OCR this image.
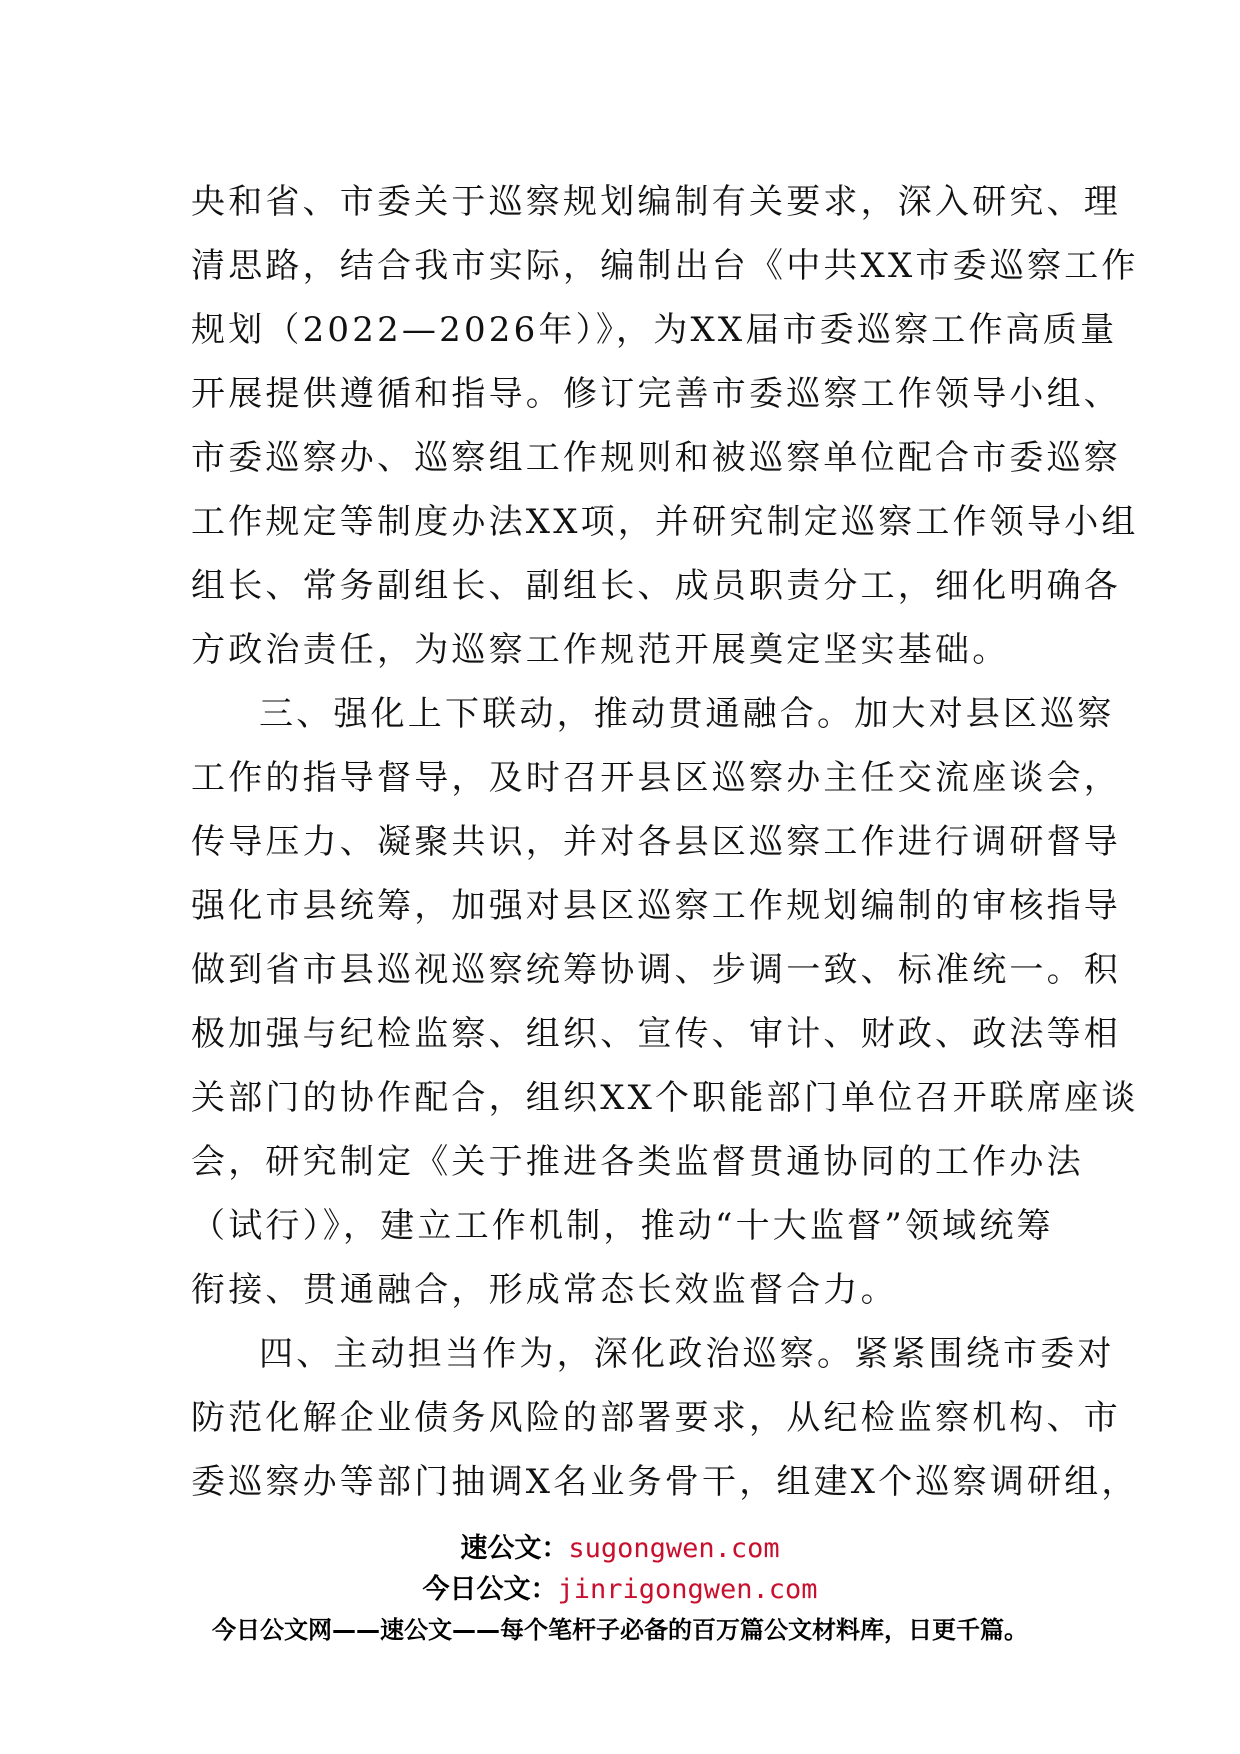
央和省、市委关于巡察规划编制有关要求，深入研究、理
清思路，结合我市实际，编制出台《中共XX市委巡察工作
规划（2022—2026年）》，为XX届市委巡察工作高质量
开展提供遵循和指导。修订完善市委巡察工作领导小组、
市委巡察办、巡察组工作规则和被巡察单位配合市委巡察
工作规定等制度办法XX项，并研究制定巡察工作领导小组
组长、常务副组长、副组长、成员职责分工，细化明确各
方政治责任，为巡察工作规范开展奠定坚实基础。
三、强化上下联动，推动贯通融合。加大对县区巡察
工作的指导督导，及时召开县区巡察办主任交流座谈会，
传导压力、凝聚共识，并对各县区巡察工作进行调研督导
强化市县统筹，加强对县区巡察工作规划编制的审核指导
做到省市县巡视巡察统筹协调、步调一致、标准统一。积
极加强与纪检监察、组织、宣传、审计、财政、政法等相
关部门的协作配合，组织XX个职能部门单位召开联席座谈
会，研究制定《关于推进各类监督贯通协同的工作办法
（试行）》，建立工作机制，推动“十大监督”领域统筹
衔接、贯通融合，形成常态长效监督合力。
四、主动担当作为，深化政治巡察。紧紧围绕市委对
防范化解企业债务风险的部署要求，从纪检监察机构、市
委巡察办等部门抽调X名业务骨干，组建X个巡察调研组，
速公文：sugongwen.com
今日公文：jinrigongwen.com
今日公文网——速公文——每个笔杆子必备的百万篇公文材料库，日更千篇。
